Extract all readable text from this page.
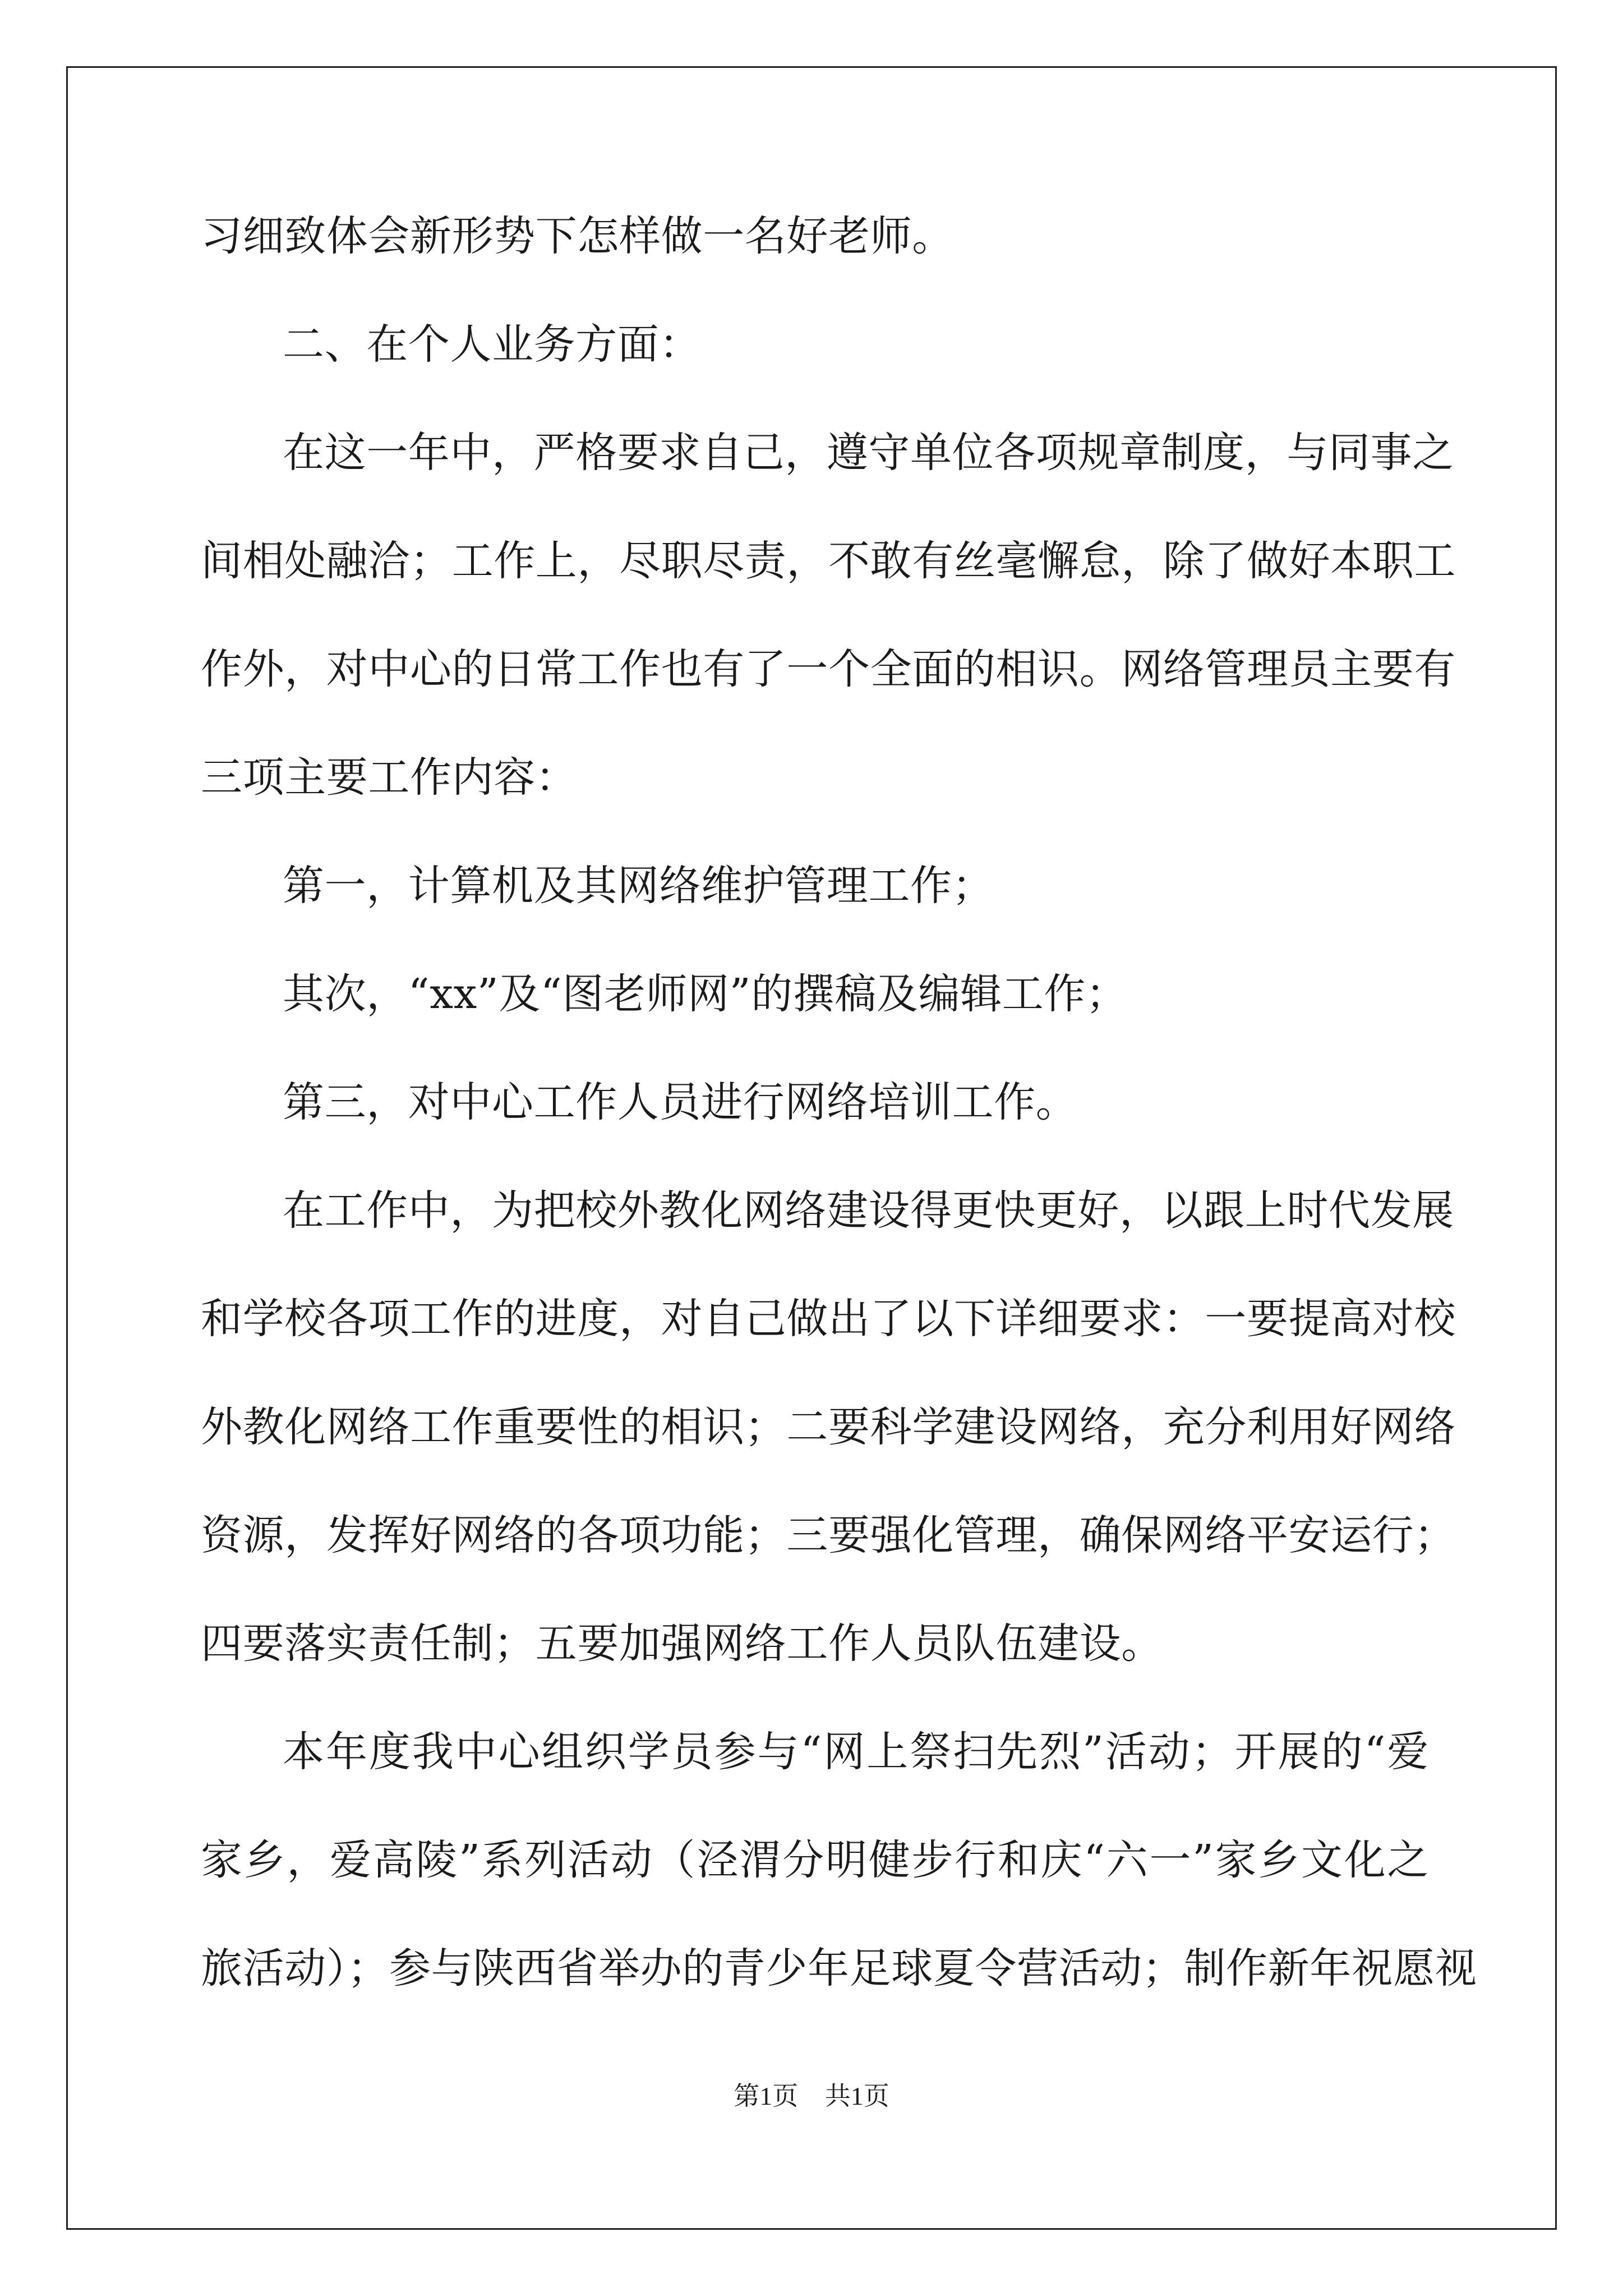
习细致体会新形势下怎样做一名好老师。
二、在个人业务方面：
在这一年中，严格要求自己，遵守单位各项规章制度，与同事之
间相处融洽；工作上，尽职尽责，不敢有丝毫懈怠，除了做好本职工
作外，对中心的日常工作也有了一个全面的相识。网络管理员主要有
三项主要工作内容：
第一，计算机及其网络维护管理工作；
其次，“xx”及“图老师网”的撰稿及编辑工作；
第三，对中心工作人员进行网络培训工作。
在工作中，为把校外教化网络建设得更快更好，以跟上时代发展
和学校各项工作的进度，对自己做出了以下详细要求：一要提高对校
外教化网络工作重要性的相识；二要科学建设网络，充分利用好网络
资源，发挥好网络的各项功能；三要强化管理，确保网络平安运行；
四要落实责任制；五要加强网络工作人员队伍建设。
本年度我中心组织学员参与“网上祭扫先烈”活动；开展的“爱
家乡，爱高陵”系列活动（泾渭分明健步行和庆“六一”家乡文化之
旅活动）；参与陕西省举办的青少年足球夏令营活动；制作新年祝愿视
第1页 共1页
